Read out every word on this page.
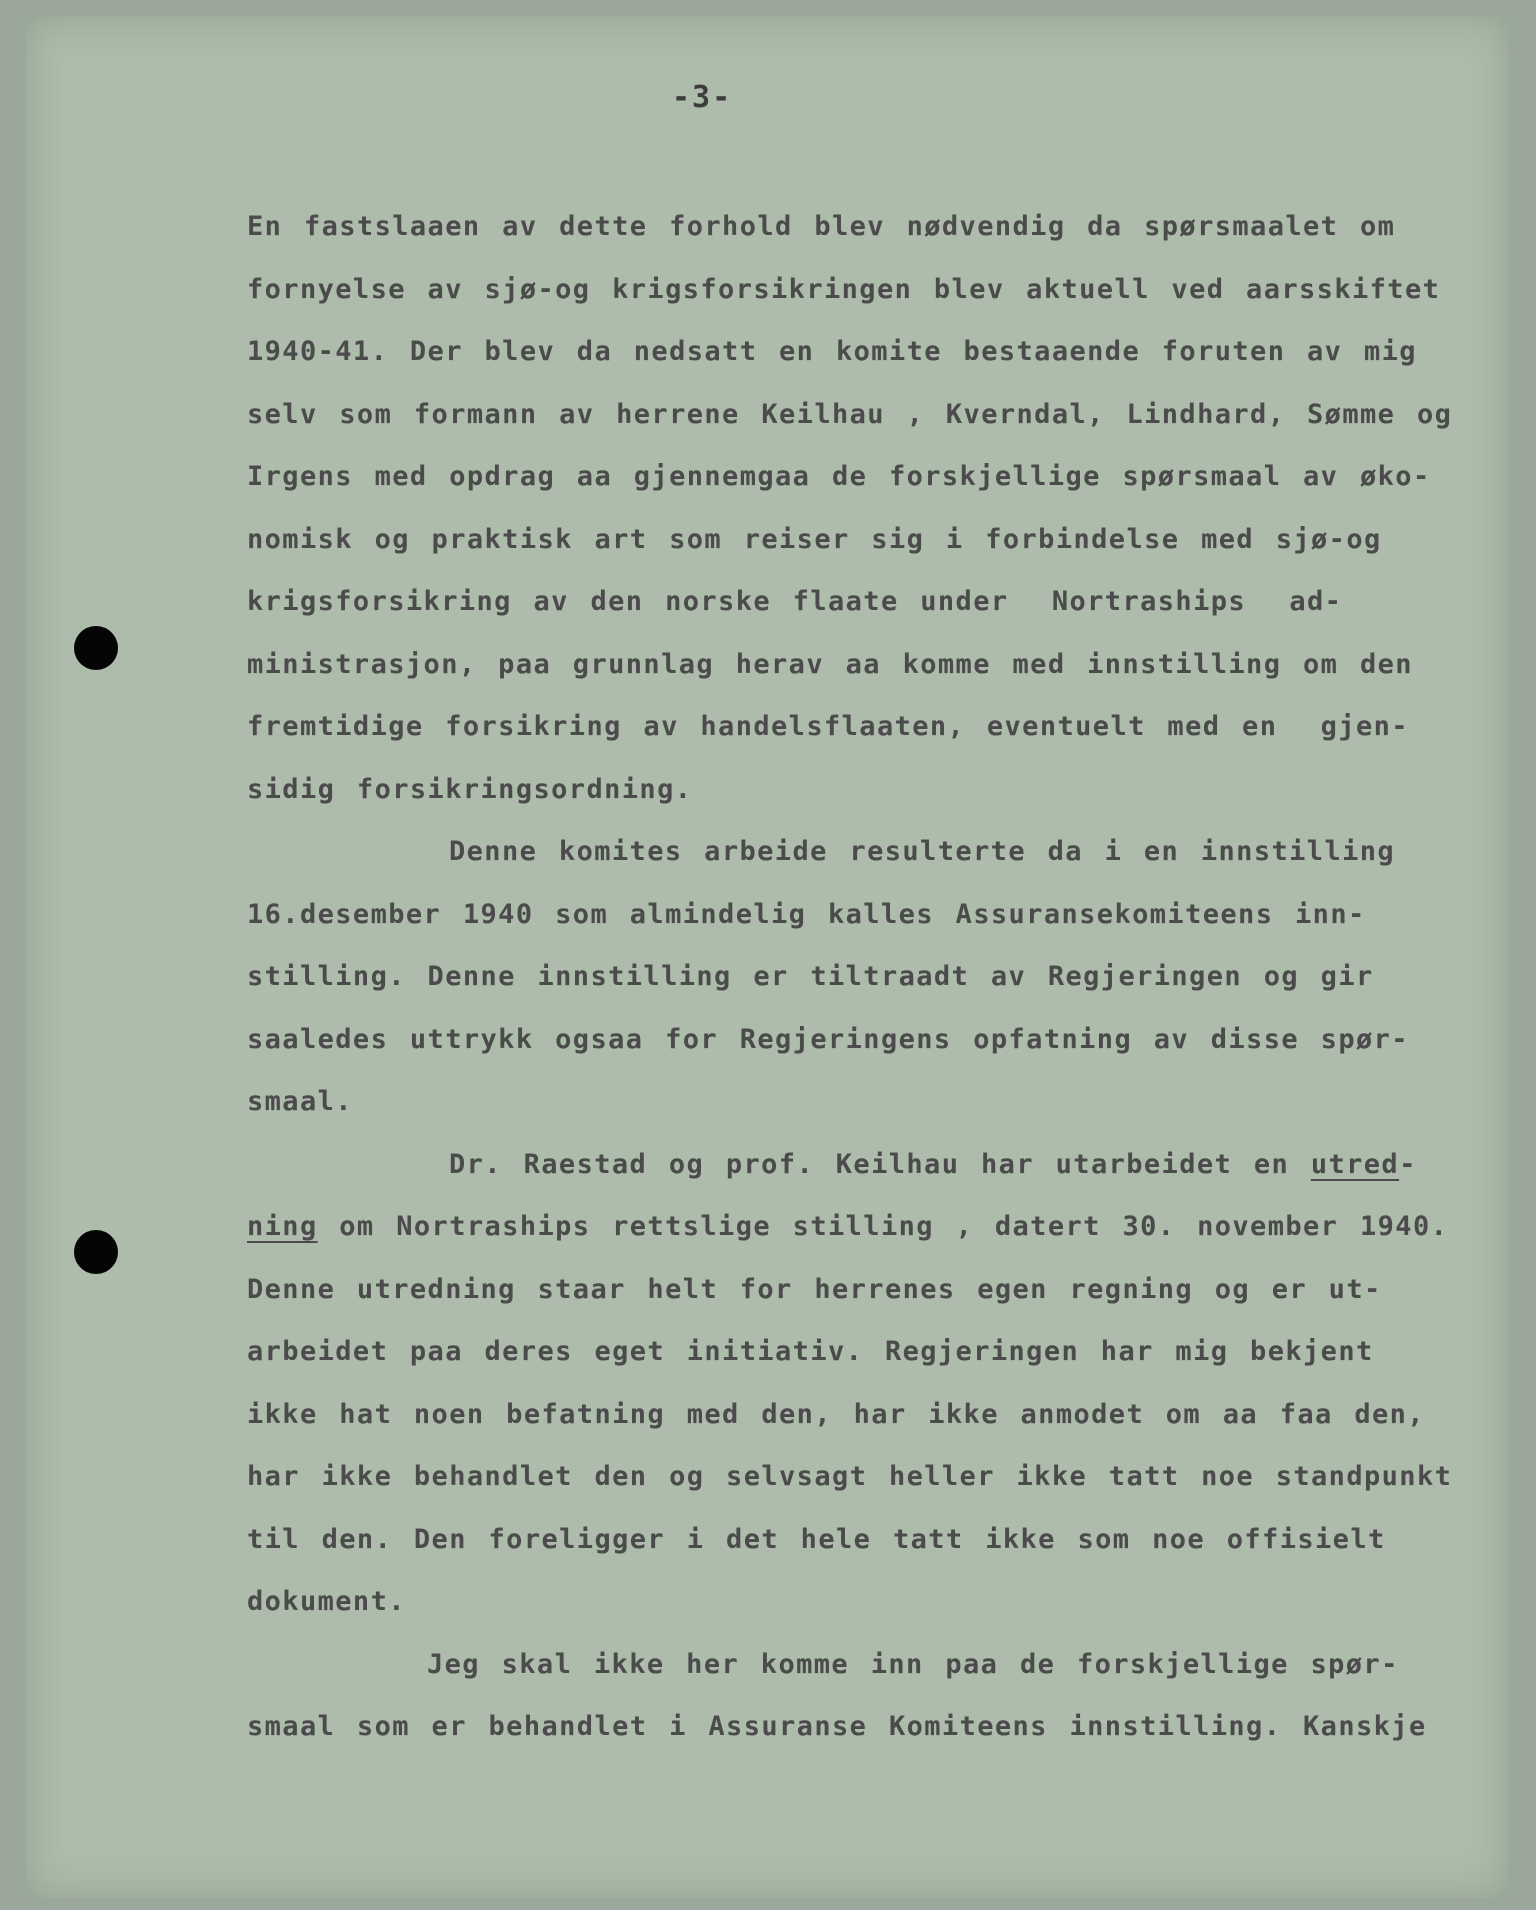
-3-
En fastslaaen av dette forhold blev nødvendig da spørsmaalet om
fornyelse av sjø-og krigsforsikringen blev aktuell ved aarsskiftet
1940-41. Der blev da nedsatt en komite bestaaende foruten av mig
selv som formann av herrene Keilhau , Kverndal, Lindhard, Sømme og
Irgens med opdrag aa gjennemgaa de forskjellige spørsmaal av øko-
nomisk og praktisk art som reiser sig i forbindelse med sjø-og
krigsforsikring av den norske flaate under  Nortraships  ad-
ministrasjon, paa grunnlag herav aa komme med innstilling om den
fremtidige forsikring av handelsflaaten, eventuelt med en  gjen-
sidig forsikringsordning.
Denne komites arbeide resulterte da i en innstilling
16.desember 1940 som almindelig kalles Assuransekomiteens inn-
stilling. Denne innstilling er tiltraadt av Regjeringen og gir
saaledes uttrykk ogsaa for Regjeringens opfatning av disse spør-
smaal.
Dr. Raestad og prof. Keilhau har utarbeidet en utred-
ning om Nortraships rettslige stilling , datert 30. november 1940.
Denne utredning staar helt for herrenes egen regning og er ut-
arbeidet paa deres eget initiativ. Regjeringen har mig bekjent
ikke hat noen befatning med den, har ikke anmodet om aa faa den,
har ikke behandlet den og selvsagt heller ikke tatt noe standpunkt
til den. Den foreligger i det hele tatt ikke som noe offisielt
dokument.
Jeg skal ikke her komme inn paa de forskjellige spør-
smaal som er behandlet i Assuranse Komiteens innstilling. Kanskje
